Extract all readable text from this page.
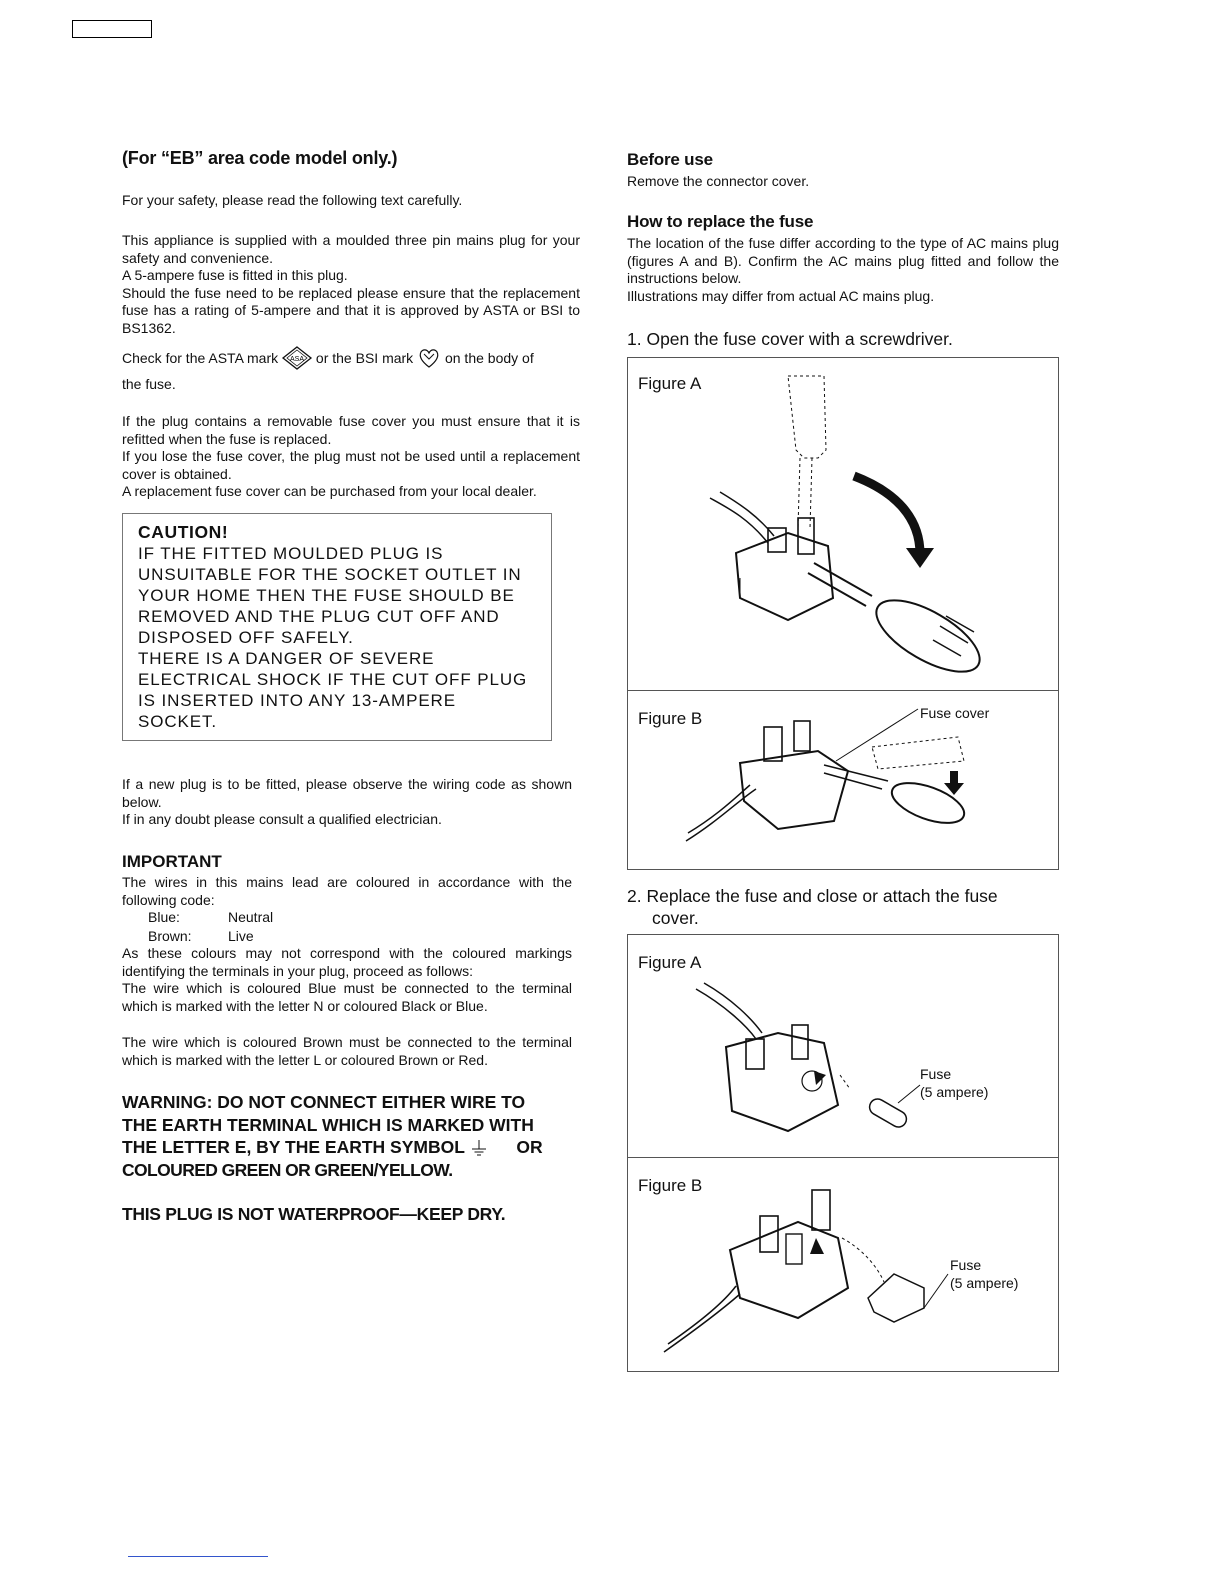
(For “EB” area code model only.)

For your safety, please read the following text carefully.

This appliance is supplied with a moulded three pin mains plug for your safety and convenience.
A 5-ampere fuse is fitted in this plug.
Should the fuse need to be replaced please ensure that the replacement fuse has a rating of 5-ampere and that it is approved by ASTA or BSI to BS1362.
Check for the ASTA mark ASA or the BSI mark on the body of
the fuse.
If the plug contains a removable fuse cover you must ensure that it is refitted when the fuse is replaced.
If you lose the fuse cover, the plug must not be used until a replacement cover is obtained.
A replacement fuse cover can be purchased from your local dealer.

CAUTION!

IF THE FITTED MOULDED PLUG IS

UNSUITABLE FOR THE SOCKET OUTLET IN

YOUR HOME THEN THE FUSE SHOULD BE

REMOVED AND THE PLUG CUT OFF AND

DISPOSED OFF SAFELY.

THERE IS A DANGER OF SEVERE

ELECTRICAL SHOCK IF THE CUT OFF PLUG

IS INSERTED INTO ANY 13-AMPERE

SOCKET.

If a new plug is to be fitted, please observe the wiring code as shown below.
If in any doubt please consult a qualified electrician.

IMPORTANT

The wires in this mains lead are coloured in accordance with the following code:

Blue:	Neutral
Brown:	Live

As these colours may not correspond with the coloured markings identifying the terminals in your plug, proceed as follows:

The wire which is coloured Blue must be connected to the terminal which is marked with the letter N or coloured Black or Blue.

The wire which is coloured Brown must be connected to the terminal which is marked with the letter L or coloured Brown or Red.

WARNING: DO NOT CONNECT EITHER WIRE TO
THE EARTH TERMINAL WHICH IS MARKED WITH
THE LETTER E, BY THE EARTH SYMBOL	OR
COLOURED GREEN OR GREEN/YELLOW.

THIS PLUG IS NOT WATERPROOF—KEEP DRY.

Before use

Remove the connector cover.

How to replace the fuse

The location of the fuse differ according to the type of AC mains plug (figures A and B). Confirm the AC mains plug fitted and follow the instructions below.

Illustrations may differ from actual AC mains plug.

1. Open the fuse cover with a screwdriver.

Figure A
Figure B	Fuse cover
2. Replace the fuse and close or attach the fuse
cover.
Figure A
Fuse
(5 ampere)
Figure B
Fuse
(5 ampere)
